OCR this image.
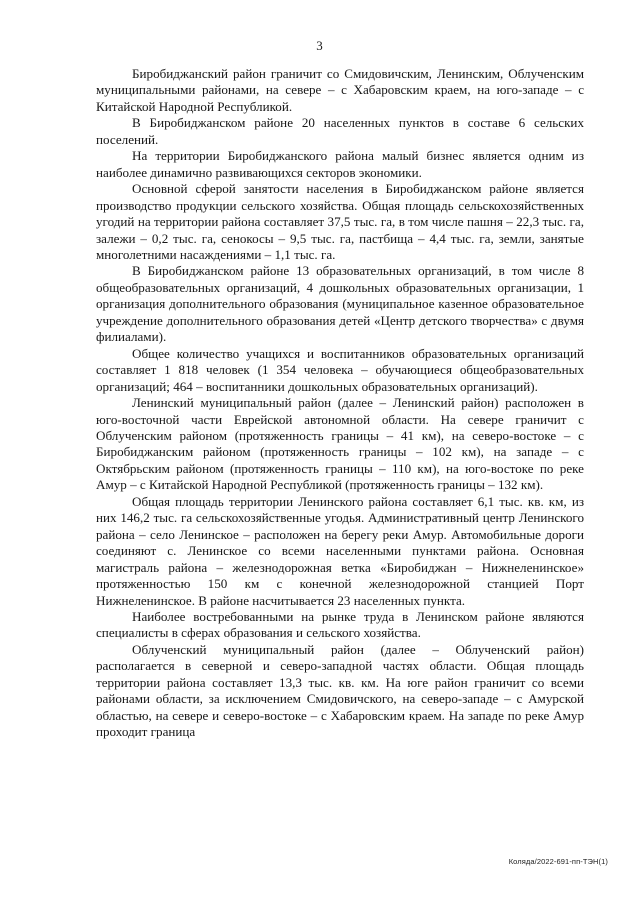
3

Биробиджанский район граничит со Смидовичским, Ленинским, Облученским муниципальными районами, на севере – с Хабаровским краем, на юго-западе – с Китайской Народной Республикой.

В Биробиджанском районе 20 населенных пунктов в составе 6 сельских поселений.

На территории Биробиджанского района малый бизнес является одним из наиболее динамично развивающихся секторов экономики.

Основной сферой занятости населения в Биробиджанском районе является производство продукции сельского хозяйства. Общая площадь сельскохозяйственных угодий на территории района составляет 37,5 тыс. га, в том числе пашня – 22,3 тыс. га, залежи – 0,2 тыс. га, сенокосы – 9,5 тыс. га, пастбища – 4,4 тыс. га, земли, занятые многолетними насаждениями – 1,1 тыс. га.

В Биробиджанском районе 13 образовательных организаций, в том числе 8 общеобразовательных организаций, 4 дошкольных образовательных организации, 1 организация дополнительного образования (муниципальное казенное образовательное учреждение дополнительного образования детей «Центр детского творчества» с двумя филиалами).

Общее количество учащихся и воспитанников образовательных организаций составляет 1 818 человек (1 354 человека – обучающиеся общеобразовательных организаций; 464 – воспитанники дошкольных образовательных организаций).

Ленинский муниципальный район (далее – Ленинский район) расположен в юго-восточной части Еврейской автономной области. На севере граничит с Облученским районом (протяженность границы – 41 км), на северо-востоке – с Биробиджанским районом (протяженность границы – 102 км), на западе – с Октябрьским районом (протяженность границы – 110 км), на юго-востоке по реке Амур – с Китайской Народной Республикой (протяженность границы – 132 км).

Общая площадь территории Ленинского района составляет 6,1 тыс. кв. км, из них 146,2 тыс. га сельскохозяйственные угодья. Административный центр Ленинского района – село Ленинское – расположен на берегу реки Амур. Автомобильные дороги соединяют с. Ленинское со всеми населенными пунктами района. Основная магистраль района – железнодорожная ветка «Биробиджан – Нижнеленинское» протяженностью 150 км с конечной железнодорожной станцией Порт Нижнеленинское. В районе насчитывается 23 населенных пункта.

Наиболее востребованными на рынке труда в Ленинском районе являются специалисты в сферах образования и сельского хозяйства.

Облученский муниципальный район (далее – Облученский район) располагается в северной и северо-западной частях области. Общая площадь территории района составляет 13,3 тыс. кв. км. На юге район граничит со всеми районами области, за исключением Смидовичского, на северо-западе – с Амурской областью, на севере и северо-востоке – с Хабаровским краем. На западе по реке Амур проходит граница

Коляда/2022-691-пп-ТЭН(1)
